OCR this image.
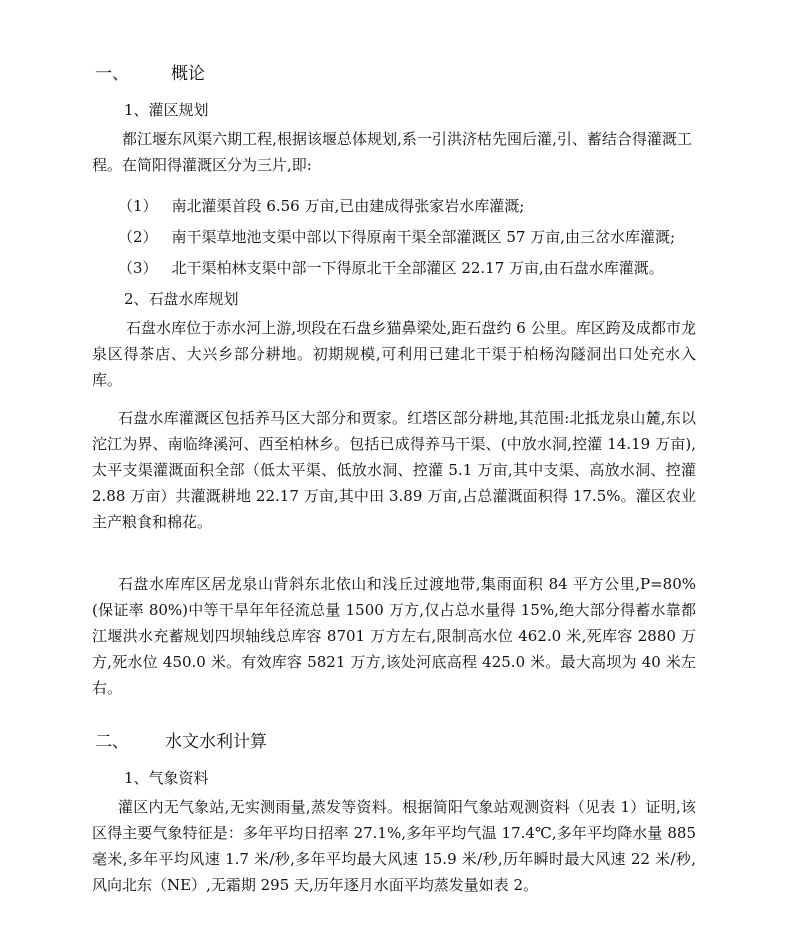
一、 概论
1、灌区规划
都江堰东风渠六期工程,根据该堰总体规划,系一引洪济枯先囤后灌,引、蓄结合得灌溉工程。在简阳得灌溉区分为三片,即:
（1） 南北灌渠首段 6.56 万亩,已由建成得张家岩水库灌溉;
（2） 南干渠草地池支渠中部以下得原南干渠全部灌溉区 57 万亩,由三岔水库灌溉;
（3） 北干渠柏林支渠中部一下得原北干全部灌区 22.17 万亩,由石盘水库灌溉。
2、石盘水库规划
石盘水库位于赤水河上游,坝段在石盘乡猫鼻梁处,距石盘约 6 公里。库区跨及成都市龙泉区得茶店、大兴乡部分耕地。初期规模,可利用已建北干渠于柏杨沟隧洞出口处充水入库。
石盘水库灌溉区包括养马区大部分和贾家。红塔区部分耕地,其范围:北抵龙泉山麓,东以沱江为界、南临绛溪河、西至柏林乡。包括已成得养马干渠、(中放水洞,控灌 14.19 万亩),太平支渠灌溉面积全部（低太平渠、低放水洞、控灌 5.1 万亩,其中支渠、高放水洞、控灌 2.88 万亩）共灌溉耕地 22.17 万亩,其中田 3.89 万亩,占总灌溉面积得 17.5%。灌区农业主产粮食和棉花。
石盘水库库区居龙泉山背斜东北依山和浅丘过渡地带,集雨面积 84 平方公里,P=80%(保证率 80%)中等干旱年年径流总量 1500 万方,仅占总水量得 15%,绝大部分得蓄水靠都江堰洪水充蓄规划四坝轴线总库容 8701 万方左右,限制高水位 462.0 米,死库容 2880 万方,死水位 450.0 米。有效库容 5821 万方,该处河底高程 425.0 米。最大高坝为 40 米左右。
二、 水文水利计算
1、气象资料
灌区内无气象站,无实测雨量,蒸发等资料。根据简阳气象站观测资料（见表 1）证明,该区得主要气象特征是：多年平均日招率 27.1%,多年平均气温 17.4℃,多年平均降水量 885 毫米,多年平均风速 1.7 米/秒,多年平均最大风速 15.9 米/秒,历年瞬时最大风速 22 米/秒,风向北东（NE）,无霜期 295 天,历年逐月水面平均蒸发量如表 2。
